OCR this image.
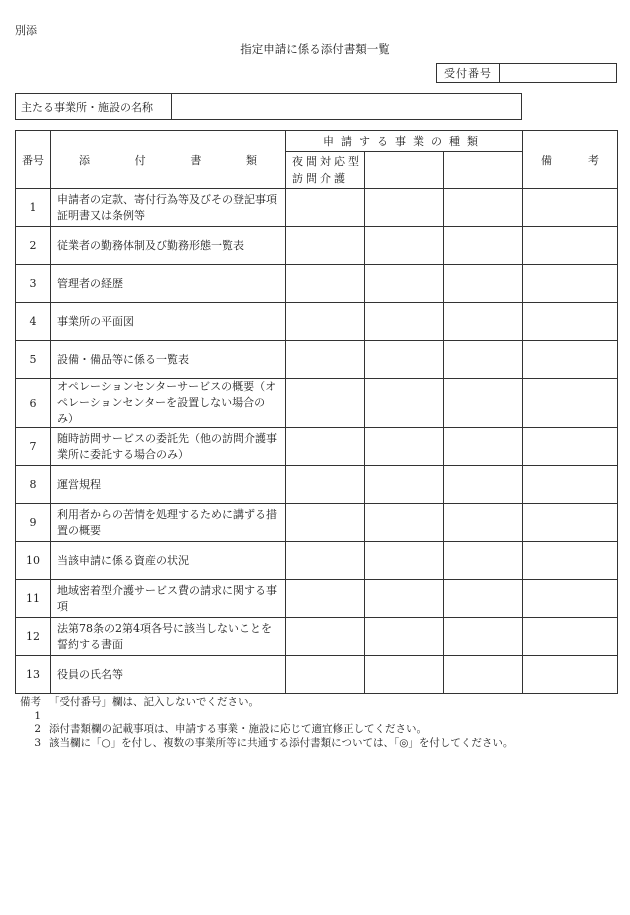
別添
指定申請に係る添付書類一覧
受付番号
主たる事業所・施設の名称
番号	添 付 書 類	申請する事業の種類			備 考

		夜間対応型
訪問介護			

1	申請者の定款、寄付行為等及びその登記事項証明書又は条例等				
2	従業者の勤務体制及び勤務形態一覧表				
3	管理者の経歴				
4	事業所の平面図				
5	設備・備品等に係る一覧表				
6	オペレーションセンターサービスの概要（オペレーションセンターを設置しない場合のみ）				
7	随時訪問サービスの委託先（他の訪問介護事業所に委託する場合のみ）				
8	運営規程				
9	利用者からの苦情を処理するために講ずる措置の概要				
10	当該申請に係る資産の状況				
11	地域密着型介護サービス費の請求に関する事項				
12	法第78条の2第4項各号に該当しないことを誓約する書面				
13	役員の氏名等				
備考1
「受付番号」欄は、記入しないでください。
2 添付書類欄の記載事項は、申請する事業・施設に応じて適宜修正してください。
3 該当欄に「○」を付し、複数の事業所等に共通する添付書類については、「◎」を付してください。
